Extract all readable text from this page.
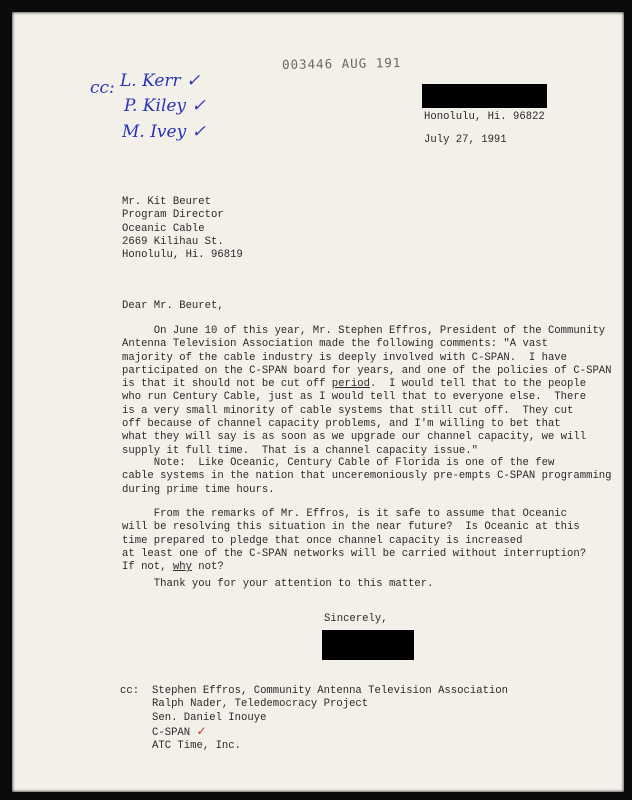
003446 AUG 191
cc: L. Kerr ✓
P. Kiley ✓
M. Ivey ✓
Honolulu, Hi. 96822
July 27, 1991
Mr. Kit Beuret
Program Director
Oceanic Cable
2669 Kilihau St.
Honolulu, Hi. 96819
Dear Mr. Beuret,
On June 10 of this year, Mr. Stephen Effros, President of the Community
Antenna Television Association made the following comments: "A vast
majority of the cable industry is deeply involved with C-SPAN.  I have
participated on the C-SPAN board for years, and one of the policies of C-SPAN
is that it should not be cut off period.  I would tell that to the people
who run Century Cable, just as I would tell that to everyone else.  There
is a very small minority of cable systems that still cut off.  They cut
off because of channel capacity problems, and I'm willing to bet that
what they will say is as soon as we upgrade our channel capacity, we will
supply it full time.  That is a channel capacity issue."
Note:  Like Oceanic, Century Cable of Florida is one of the few
cable systems in the nation that unceremoniously pre-empts C-SPAN programming
during prime time hours.
From the remarks of Mr. Effros, is it safe to assume that Oceanic
will be resolving this situation in the near future?  Is Oceanic at this
time prepared to pledge that once channel capacity is increased
at least one of the C-SPAN networks will be carried without interruption?
If not, why not?
Thank you for your attention to this matter.
Sincerely,
cc: Stephen Effros, Community Antenna Television Association
Ralph Nader, Teledemocracy Project
Sen. Daniel Inouye
C-SPAN ✓
ATC Time, Inc.
